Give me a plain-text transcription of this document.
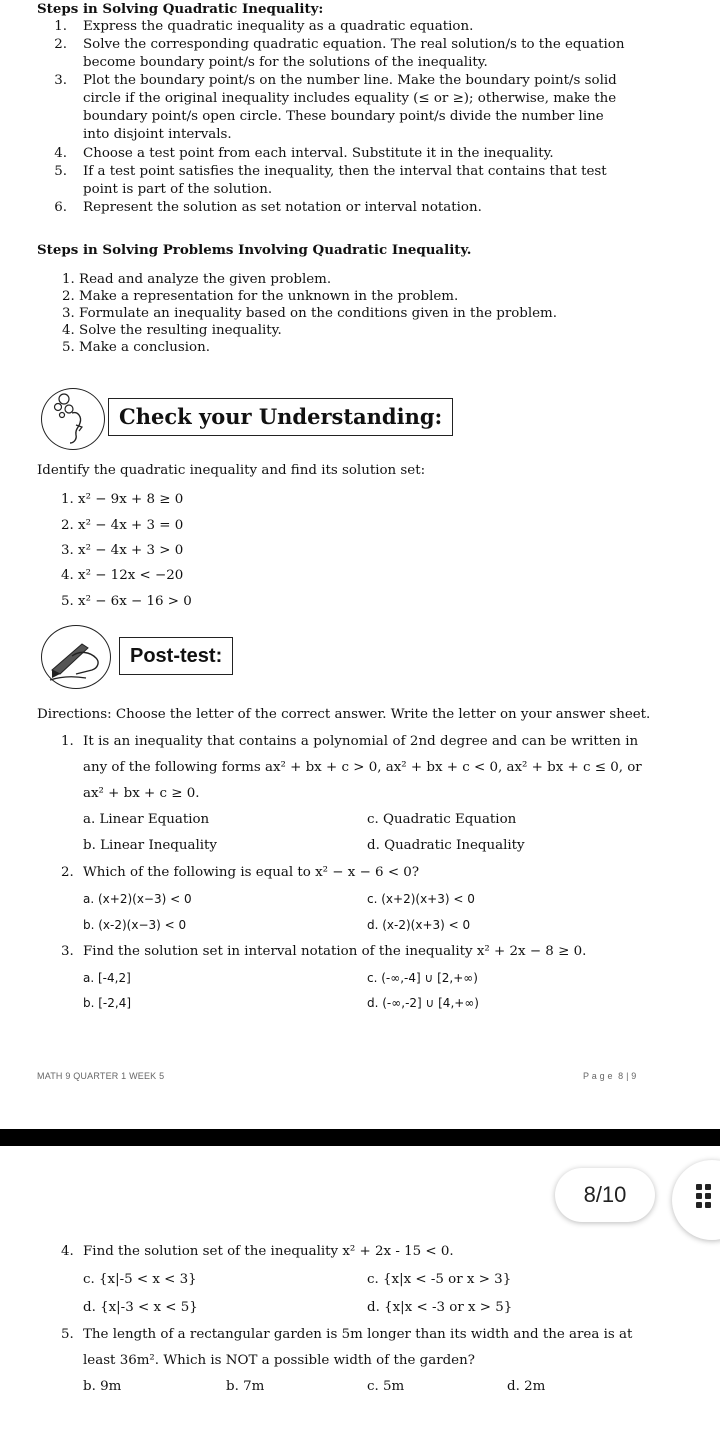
Steps in Solving Quadratic Inequality:
1. Express the quadratic inequality as a quadratic equation.
2. Solve the corresponding quadratic equation. The real solution/s to the equation
become boundary point/s for the solutions of the inequality.
3. Plot the boundary point/s on the number line. Make the boundary point/s solid
circle if the original inequality includes equality (≤ or ≥); otherwise, make the
boundary point/s open circle. These boundary point/s divide the number line
into disjoint intervals.
4. Choose a test point from each interval. Substitute it in the inequality.
5. If a test point satisfies the inequality, then the interval that contains that test
point is part of the solution.
6. Represent the solution as set notation or interval notation.
Steps in Solving Problems Involving Quadratic Inequality.
1. Read and analyze the given problem.
2. Make a representation for the unknown in the problem.
3. Formulate an inequality based on the conditions given in the problem.
4. Solve the resulting inequality.
5. Make a conclusion.
Check your Understanding:
Identify the quadratic inequality and find its solution set:
1. x² − 9x + 8 ≥ 0
2. x² − 4x + 3 = 0
3. x² − 4x + 3 > 0
4. x² − 12x < −20
5. x² − 6x − 16 > 0
Post-test:
Directions: Choose the letter of the correct answer. Write the letter on your answer sheet.
1. It is an inequality that contains a polynomial of 2nd degree and can be written in
any of the following forms ax² + bx + c > 0, ax² + bx + c < 0, ax² + bx + c ≤ 0, or
ax² + bx + c ≥ 0.
a. Linear Equation
b. Linear Inequality
c. Quadratic Equation
d. Quadratic Inequality
2. Which of the following is equal to x² − x − 6 < 0?
a. (x+2)(x−3) < 0
b. (x-2)(x−3) < 0
c. (x+2)(x+3) < 0
d. (x-2)(x+3) < 0
3. Find the solution set in interval notation of the inequality x² + 2x − 8 ≥ 0.
a. [-4,2]
b. [-2,4]
c. (-∞,-4] ∪ [2,+∞)
d. (-∞,-2] ∪ [4,+∞)
MATH 9 QUARTER 1 WEEK 5	P a g e  8 | 9
8/10
4. Find the solution set of the inequality x² + 2x - 15 < 0.
c. {x|-5 < x < 3}
d. {x|-3 < x < 5}
c. {x|x < -5 or x > 3}
d. {x|x < -3 or x > 5}
5. The length of a rectangular garden is 5m longer than its width and the area is at
least 36m². Which is NOT a possible width of the garden?
b. 9m	b. 7m	c. 5m	d. 2m
